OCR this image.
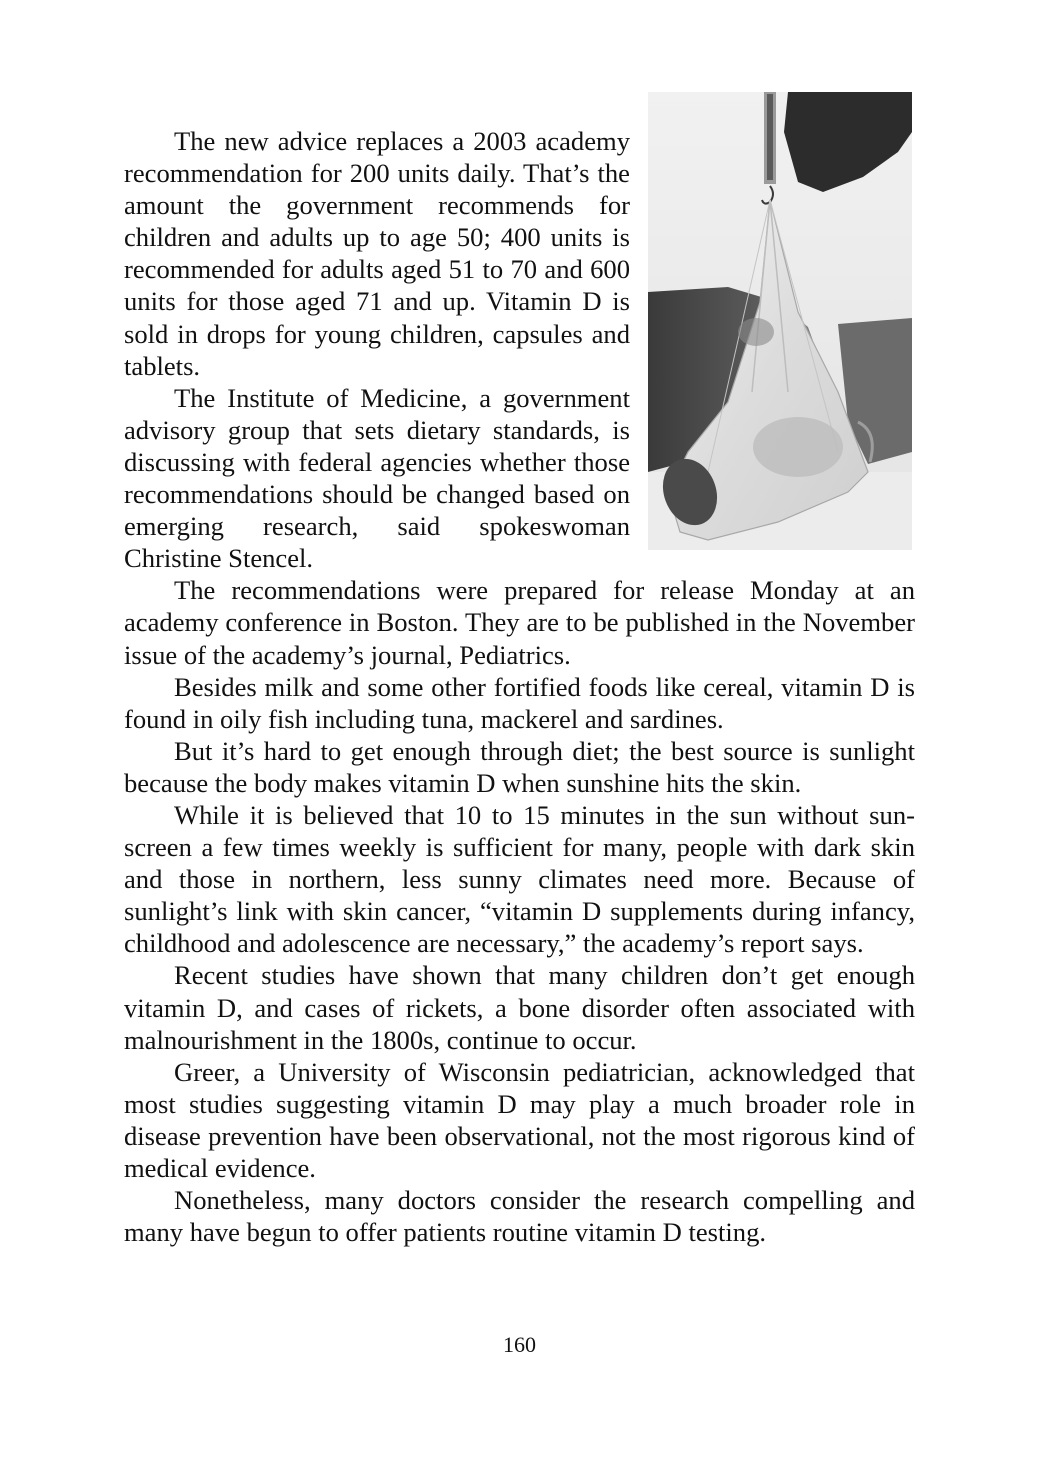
The new advice replaces a 2003 academy recommendation for 200 units daily. That’s the amount the government recommends for children and adults up to age 50; 400 units is recommended for adults aged 51 to 70 and 600 units for those aged 71 and up. Vitamin D is sold in drops for young children, capsules and tablets.

The Institute of Medicine, a government advisory group that sets dietary standards, is discussing with federal agencies whether those recommendations should be changed based on emerging research, said spokeswoman Christine Stencel.

The recommendations were prepared for release Monday at an academy conference in Boston. They are to be published in the November issue of the academy’s journal, Pediatrics.

Besides milk and some other fortified foods like cereal, vitamin D is found in oily fish including tuna, mackerel and sardines.

But it’s hard to get enough through diet; the best source is sunlight because the body makes vitamin D when sunshine hits the skin.

While it is believed that 10 to 15 minutes in the sun without sunscreen a few times weekly is sufficient for many, people with dark skin and those in northern, less sunny climates need more. Because of sunlight’s link with skin cancer, “vitamin D supplements during infancy, childhood and adolescence are necessary,” the academy’s report says.

Recent studies have shown that many children don’t get enough vitamin D, and cases of rickets, a bone disorder often associated with malnourishment in the 1800s, continue to occur.

Greer, a University of Wisconsin pediatrician, acknowledged that most studies suggesting vitamin D may play a much broader role in disease prevention have been observational, not the most rigorous kind of medical evidence.

Nonetheless, many doctors consider the research compelling and many have begun to offer patients routine vitamin D testing.

160
